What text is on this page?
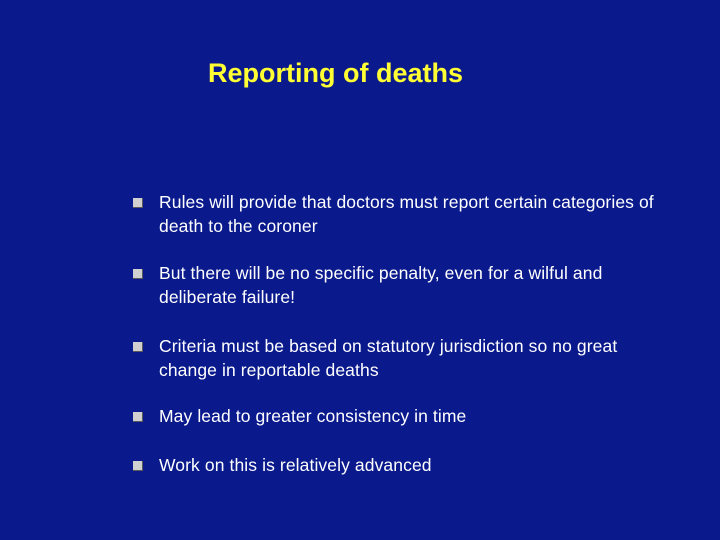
Reporting of deaths
Rules will provide that doctors must report certain categories of death to the coroner
But there will be no specific penalty, even for a wilful and deliberate failure!
Criteria must be based on statutory jurisdiction so no great change in reportable deaths
May lead to greater consistency in time
Work on this is relatively advanced
